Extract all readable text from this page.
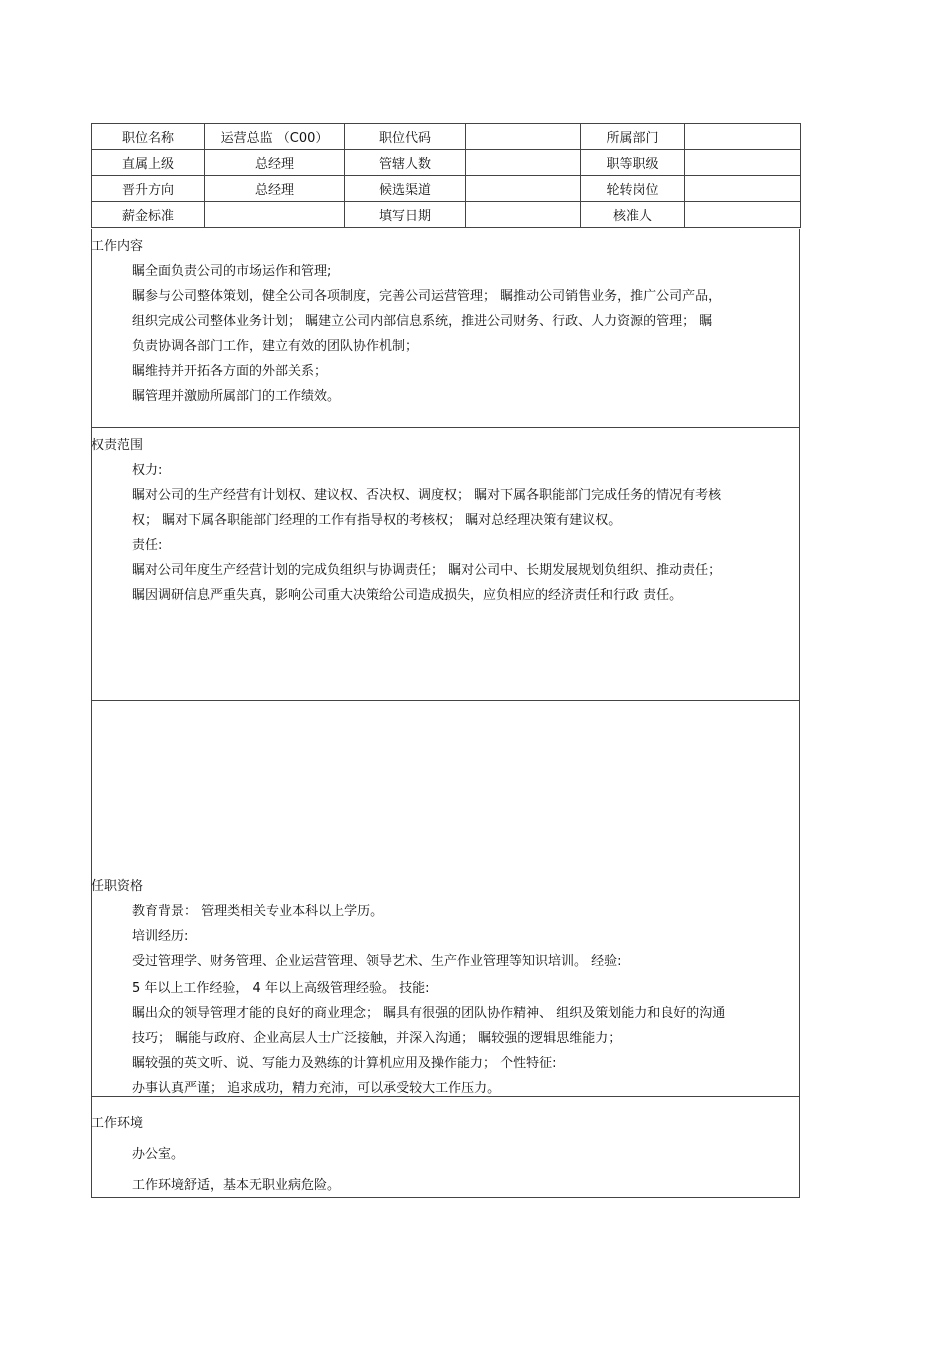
职位名称	运营总监 （C00）	职位代码		所属部门	
直属上级	总经理	管辖人数		职等职级	
晋升方向	总经理	候选渠道		轮转岗位	
薪金标准		填写日期		核准人	
工作内容
瞩全面负责公司的市场运作和管理;
瞩参与公司整体策划，健全公司各项制度，完善公司运营管理； 瞩推动公司销售业务，推广公司产品，
组织完成公司整体业务计划； 瞩建立公司内部信息系统，推进公司财务、行政、人力资源的管理； 瞩
负责协调各部门工作，建立有效的团队协作机制；
瞩维持并开拓各方面的外部关系；
瞩管理并激励所属部门的工作绩效。
权责范围
权力:
瞩对公司的生产经营有计划权、建议权、否决权、调度权； 瞩对下属各职能部门完成任务的情况有考核
权； 瞩对下属各职能部门经理的工作有指导权的考核权； 瞩对总经理决策有建议权。
责任:
瞩对公司年度生产经营计划的完成负组织与协调责任； 瞩对公司中、长期发展规划负组织、推动责任；
瞩因调研信息严重失真，影响公司重大决策给公司造成损失，应负相应的经济责任和行政 责任。
任职资格
教育背景： 管理类相关专业本科以上学历。
培训经历:
受过管理学、财务管理、企业运营管理、领导艺术、生产作业管理等知识培训。 经验:
5 年以上工作经验， 4 年以上高级管理经验。 技能:
瞩出众的领导管理才能的良好的商业理念； 瞩具有很强的团队协作精神、 组织及策划能力和良好的沟通
技巧； 瞩能与政府、企业高层人士广泛接触，并深入沟通； 瞩较强的逻辑思维能力；
瞩较强的英文听、说、写能力及熟练的计算机应用及操作能力； 个性特征:
办事认真严谨； 追求成功，精力充沛，可以承受较大工作压力。
工作环境
办公室。
工作环境舒适，基本无职业病危险。
